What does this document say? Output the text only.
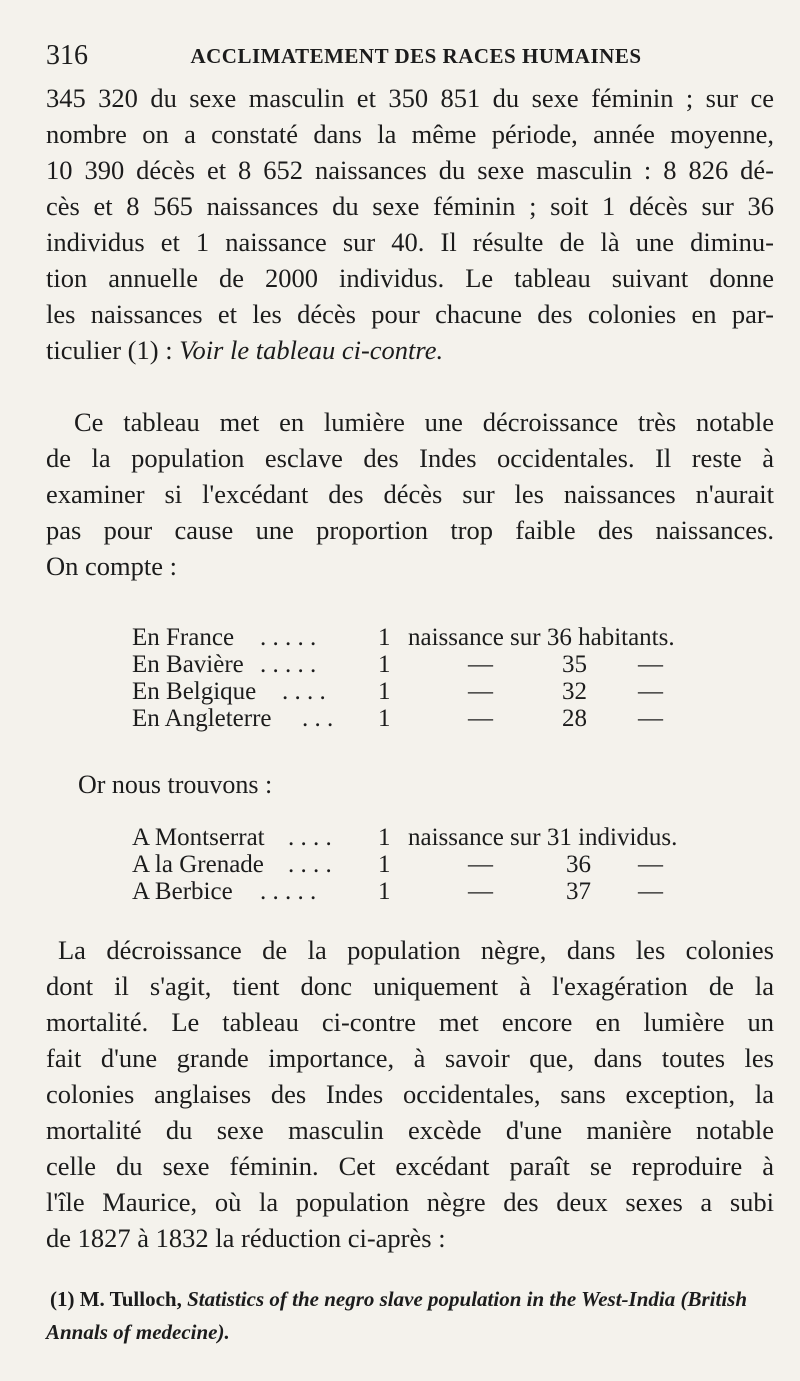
316	ACCLIMATEMENT DES RACES HUMAINES
345 320 du sexe masculin et 350 851 du sexe féminin ; sur ce
nombre on a constaté dans la même période, année moyenne,
10 390 décès et 8 652 naissances du sexe masculin : 8 826 dé-
cès et 8 565 naissances du sexe féminin ; soit 1 décès sur 36
individus et 1 naissance sur 40. Il résulte de là une diminu-
tion annuelle de 2000 individus. Le tableau suivant donne
les naissances et les décès pour chacune des colonies en par-
ticulier (1) : Voir le tableau ci-contre.
Ce tableau met en lumière une décroissance très notable
de la population esclave des Indes occidentales. Il reste à
examiner si l'excédant des décès sur les naissances n'aurait
pas pour cause une proportion trop faible des naissances.
On compte :
En France . . . . . 1 naissance sur 36 habitants.
En Bavière . . . . . 1	—	35 —
En Belgique . . . . 1	—	32 —
En Angleterre . . . 1	—	28 —
Or nous trouvons :
A Montserrat . . . . 1 naissance sur 31 individus.
A la Grenade . . . . 1	—	36 —
A Berbice . . . . . 1	—	37 —
La décroissance de la population nègre, dans les colonies
dont il s'agit, tient donc uniquement à l'exagération de la
mortalité. Le tableau ci-contre met encore en lumière un
fait d'une grande importance, à savoir que, dans toutes les
colonies anglaises des Indes occidentales, sans exception, la
mortalité du sexe masculin excède d'une manière notable
celle du sexe féminin. Cet excédant paraît se reproduire à
l'île Maurice, où la population nègre des deux sexes a subi
de 1827 à 1832 la réduction ci-après :
(1) M. Tulloch, Statistics of the negro slave population in the West-India (British Annals of medecine).
